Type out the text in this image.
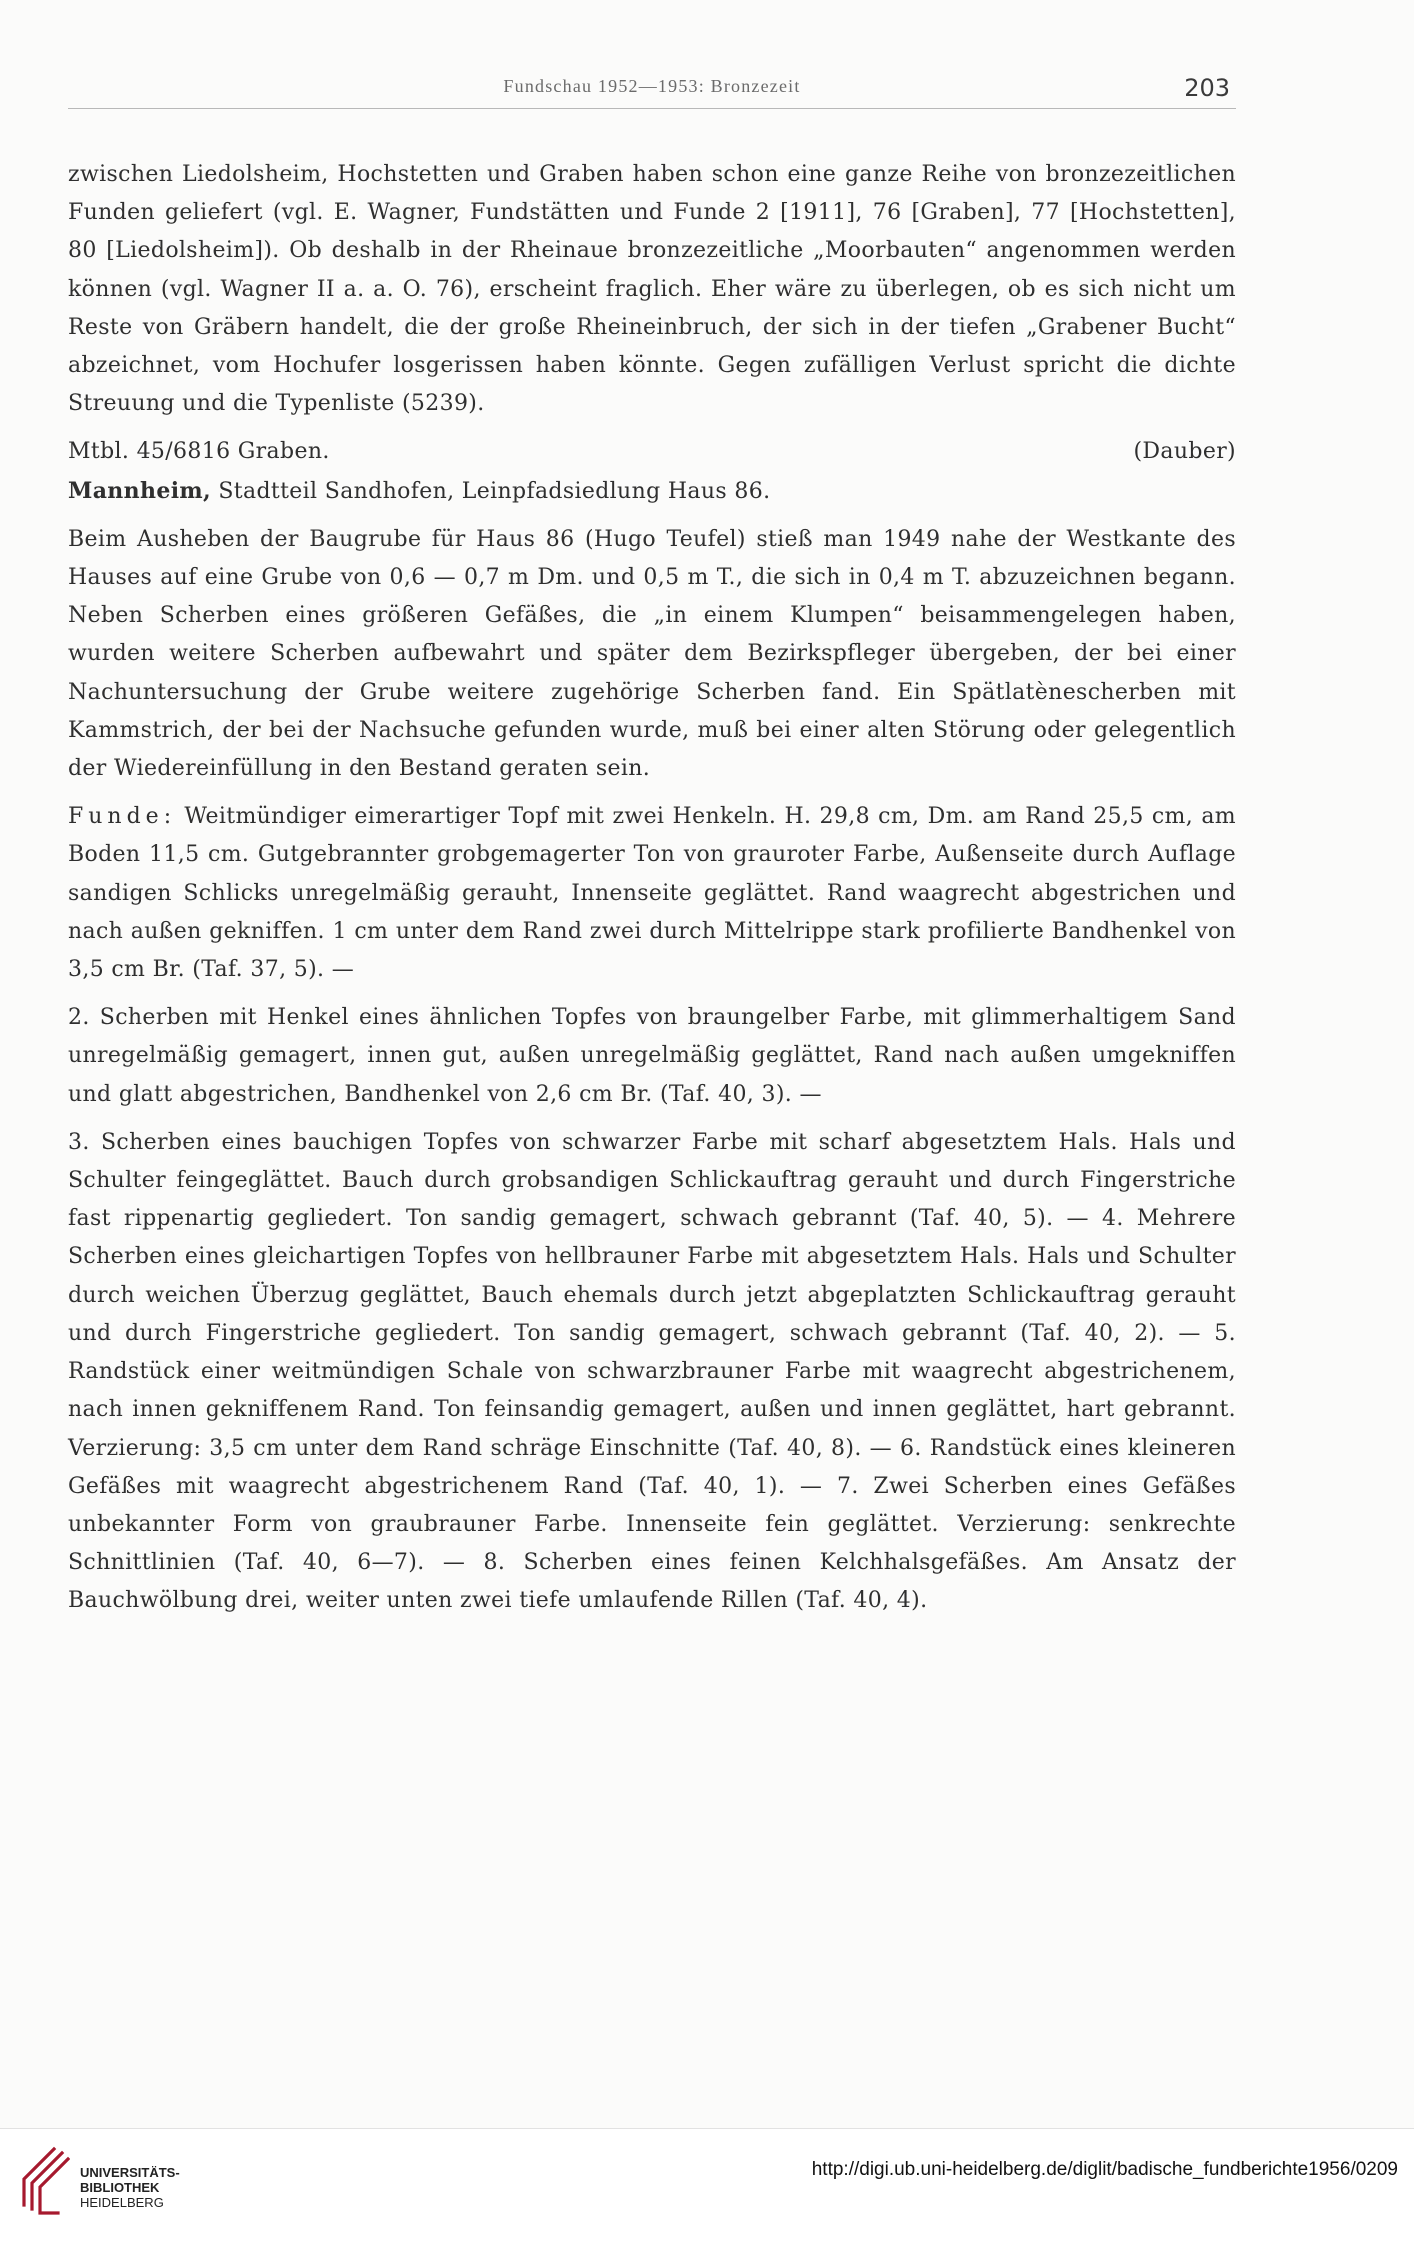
Fundschau 1952—1953: Bronzezeit	203

zwischen Liedolsheim, Hochstetten und Graben haben schon eine ganze Reihe von bronzezeitlichen Funden geliefert (vgl. E. Wagner, Fundstätten und Funde 2 [1911], 76 [Graben], 77 [Hochstetten], 80 [Liedolsheim]). Ob deshalb in der Rheinaue bronzezeitliche „Moorbauten“ angenommen werden können (vgl. Wagner II a. a. O. 76), erscheint fraglich. Eher wäre zu überlegen, ob es sich nicht um Reste von Gräbern handelt, die der große Rheineinbruch, der sich in der tiefen „Grabener Bucht“ abzeichnet, vom Hochufer losgerissen haben könnte. Gegen zufälligen Verlust spricht die dichte Streuung und die Typenliste (5239).

Mtbl. 45/6816 Graben.	(Dauber)

Mannheim, Stadtteil Sandhofen, Leinpfadsiedlung Haus 86.

Beim Ausheben der Baugrube für Haus 86 (Hugo Teufel) stieß man 1949 nahe der Westkante des Hauses auf eine Grube von 0,6 — 0,7 m Dm. und 0,5 m T., die sich in 0,4 m T. abzuzeichnen begann. Neben Scherben eines größeren Gefäßes, die „in einem Klumpen“ beisammengelegen haben, wurden weitere Scherben aufbewahrt und später dem Bezirkspfleger übergeben, der bei einer Nachuntersuchung der Grube weitere zugehörige Scherben fand. Ein Spätlatènescherben mit Kammstrich, der bei der Nachsuche gefunden wurde, muß bei einer alten Störung oder gelegentlich der Wiedereinfüllung in den Bestand geraten sein.

Funde: Weitmündiger eimerartiger Topf mit zwei Henkeln. H. 29,8 cm, Dm. am Rand 25,5 cm, am Boden 11,5 cm. Gutgebrannter grobgemagerter Ton von grauroter Farbe, Außenseite durch Auflage sandigen Schlicks unregelmäßig gerauht, Innenseite geglättet. Rand waagrecht abgestrichen und nach außen gekniffen. 1 cm unter dem Rand zwei durch Mittelrippe stark profilierte Bandhenkel von 3,5 cm Br. (Taf. 37, 5). —

2. Scherben mit Henkel eines ähnlichen Topfes von braungelber Farbe, mit glimmerhaltigem Sand unregelmäßig gemagert, innen gut, außen unregelmäßig geglättet, Rand nach außen umgekniffen und glatt abgestrichen, Bandhenkel von 2,6 cm Br. (Taf. 40, 3). —

3. Scherben eines bauchigen Topfes von schwarzer Farbe mit scharf abgesetztem Hals. Hals und Schulter feingeglättet. Bauch durch grobsandigen Schlickauftrag gerauht und durch Fingerstriche fast rippenartig gegliedert. Ton sandig gemagert, schwach gebrannt (Taf. 40, 5). — 4. Mehrere Scherben eines gleichartigen Topfes von hellbrauner Farbe mit abgesetztem Hals. Hals und Schulter durch weichen Überzug geglättet, Bauch ehemals durch jetzt abgeplatzten Schlickauftrag gerauht und durch Fingerstriche gegliedert. Ton sandig gemagert, schwach gebrannt (Taf. 40, 2). — 5. Randstück einer weitmündigen Schale von schwarzbrauner Farbe mit waagrecht abgestrichenem, nach innen gekniffenem Rand. Ton feinsandig gemagert, außen und innen geglättet, hart gebrannt. Verzierung: 3,5 cm unter dem Rand schräge Einschnitte (Taf. 40, 8). — 6. Randstück eines kleineren Gefäßes mit waagrecht abgestrichenem Rand (Taf. 40, 1). — 7. Zwei Scherben eines Gefäßes unbekannter Form von graubrauner Farbe. Innenseite fein geglättet. Verzierung: senkrechte Schnittlinien (Taf. 40, 6—7). — 8. Scherben eines feinen Kelchhalsgefäßes. Am Ansatz der Bauchwölbung drei, weiter unten zwei tiefe umlaufende Rillen (Taf. 40, 4).

UNIVERSITÄTS-
BIBLIOTHEK
HEIDELBERG
http://digi.ub.uni-heidelberg.de/diglit/badische_fundberichte1956/0209
